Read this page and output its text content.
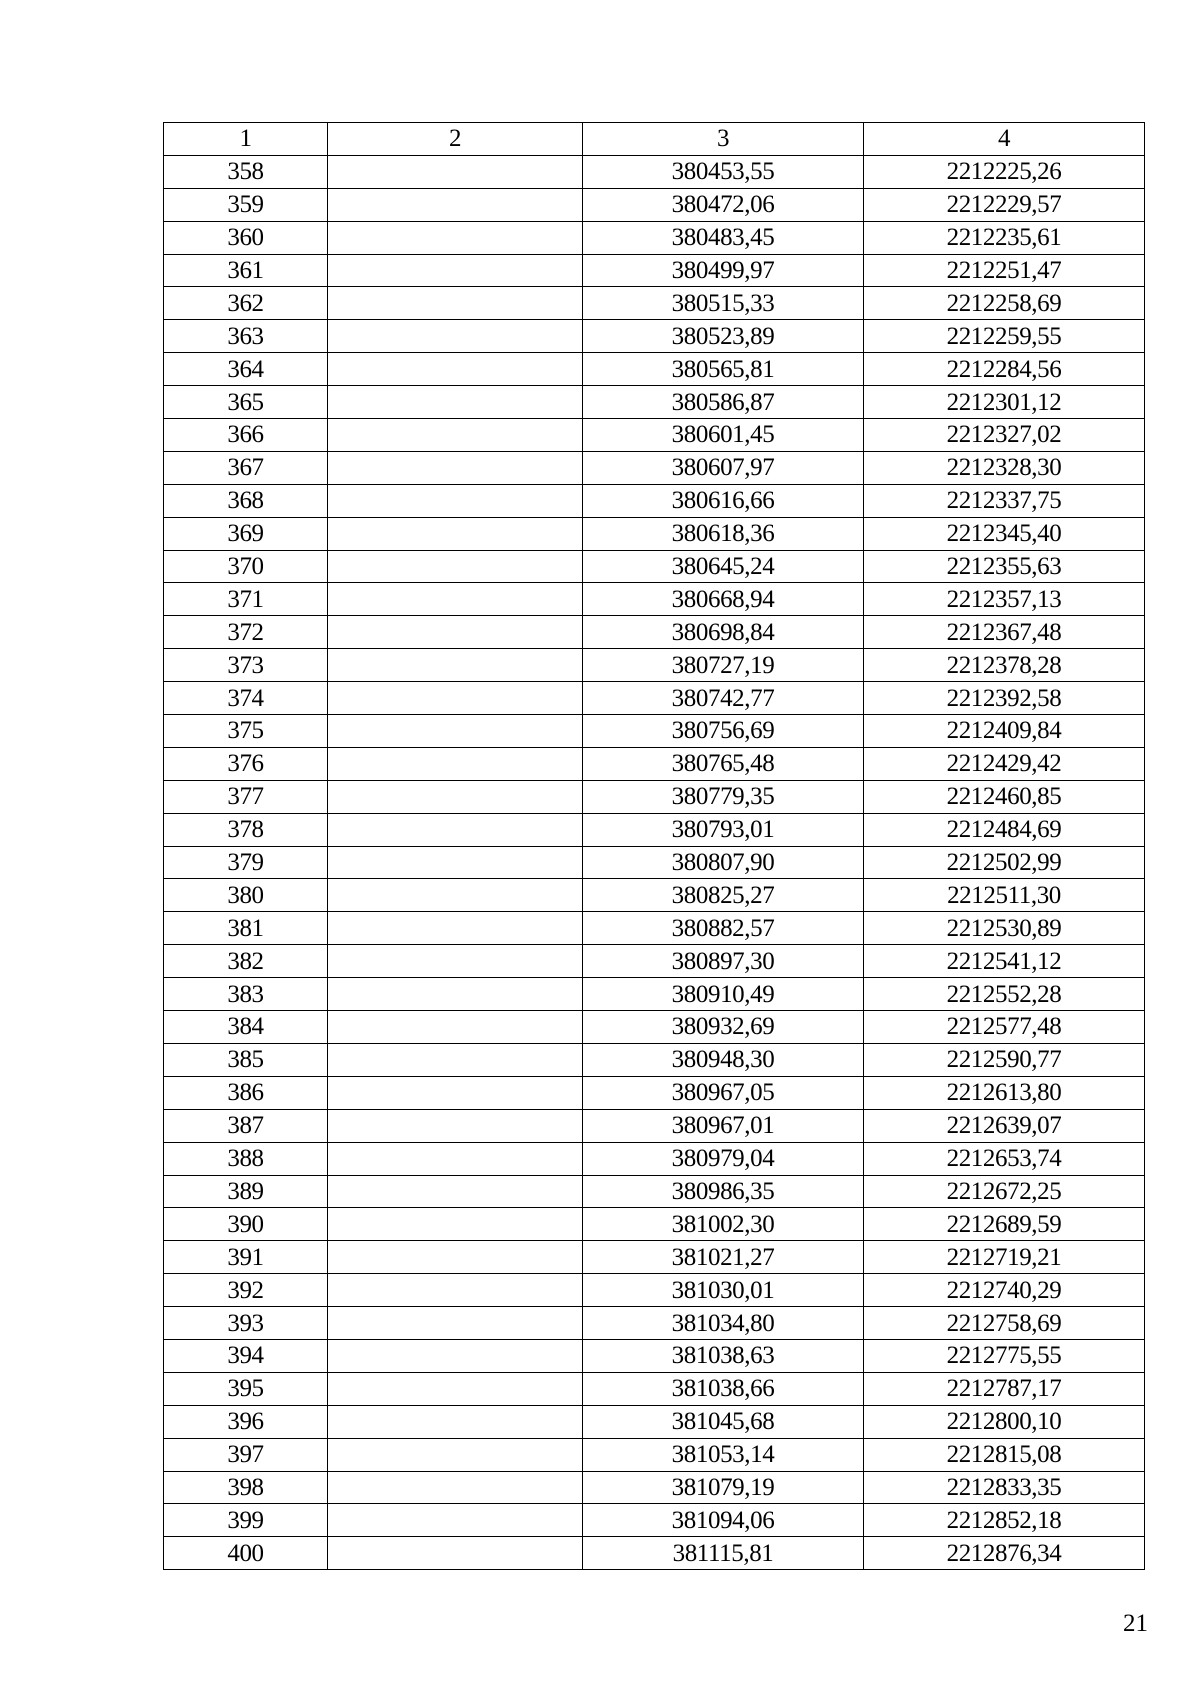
1	2	3	4
358		380453,55	2212225,26
359		380472,06	2212229,57
360		380483,45	2212235,61
361		380499,97	2212251,47
362		380515,33	2212258,69
363		380523,89	2212259,55
364		380565,81	2212284,56
365		380586,87	2212301,12
366		380601,45	2212327,02
367		380607,97	2212328,30
368		380616,66	2212337,75
369		380618,36	2212345,40
370		380645,24	2212355,63
371		380668,94	2212357,13
372		380698,84	2212367,48
373		380727,19	2212378,28
374		380742,77	2212392,58
375		380756,69	2212409,84
376		380765,48	2212429,42
377		380779,35	2212460,85
378		380793,01	2212484,69
379		380807,90	2212502,99
380		380825,27	2212511,30
381		380882,57	2212530,89
382		380897,30	2212541,12
383		380910,49	2212552,28
384		380932,69	2212577,48
385		380948,30	2212590,77
386		380967,05	2212613,80
387		380967,01	2212639,07
388		380979,04	2212653,74
389		380986,35	2212672,25
390		381002,30	2212689,59
391		381021,27	2212719,21
392		381030,01	2212740,29
393		381034,80	2212758,69
394		381038,63	2212775,55
395		381038,66	2212787,17
396		381045,68	2212800,10
397		381053,14	2212815,08
398		381079,19	2212833,35
399		381094,06	2212852,18
400		381115,81	2212876,34
21
